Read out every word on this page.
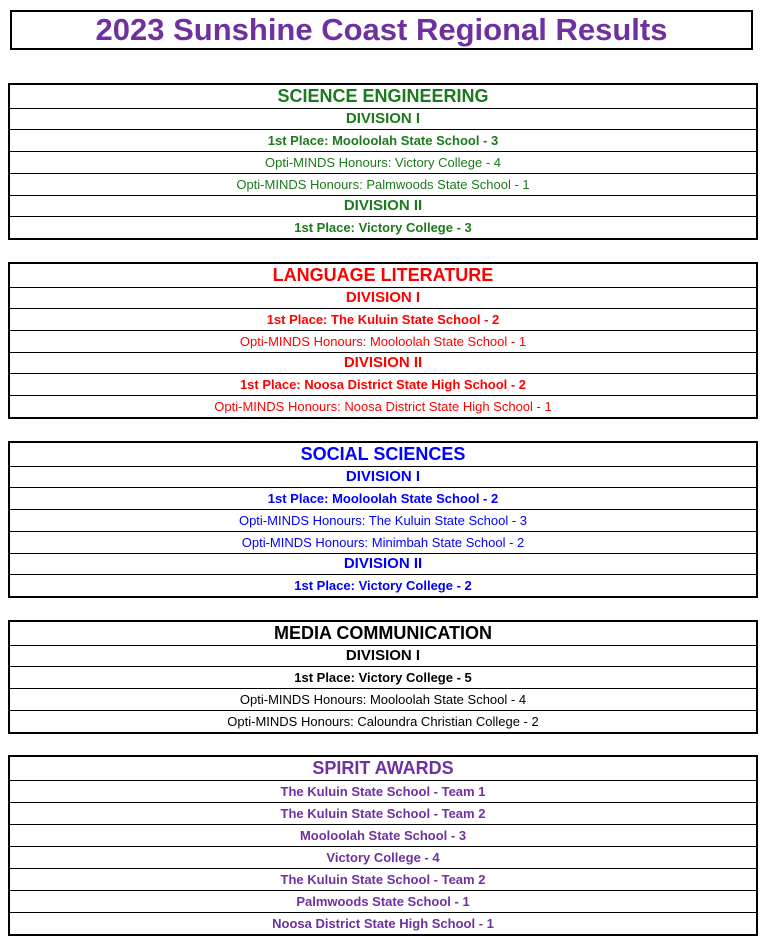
2023 Sunshine Coast Regional Results
SCIENCE ENGINEERING
DIVISION I
1st Place: Mooloolah State School - 3
Opti-MINDS Honours: Victory College - 4
Opti-MINDS Honours: Palmwoods State School - 1
DIVISION II
1st Place: Victory College - 3
LANGUAGE LITERATURE
DIVISION I
1st Place: The Kuluin State School - 2
Opti-MINDS Honours: Mooloolah State School - 1
DIVISION II
1st Place: Noosa District State High School - 2
Opti-MINDS Honours: Noosa District State High School - 1
SOCIAL SCIENCES
DIVISION I
1st Place: Mooloolah State School - 2
Opti-MINDS Honours: The Kuluin State School - 3
Opti-MINDS Honours: Minimbah State School - 2
DIVISION II
1st Place: Victory College - 2
MEDIA COMMUNICATION
DIVISION I
1st Place: Victory College - 5
Opti-MINDS Honours: Mooloolah State School - 4
Opti-MINDS Honours: Caloundra Christian College - 2
SPIRIT AWARDS
The Kuluin State School - Team 1
The Kuluin State School - Team 2
Mooloolah State School - 3
Victory College - 4
The Kuluin State School - Team 2
Palmwoods State School - 1
Noosa District State High School - 1
